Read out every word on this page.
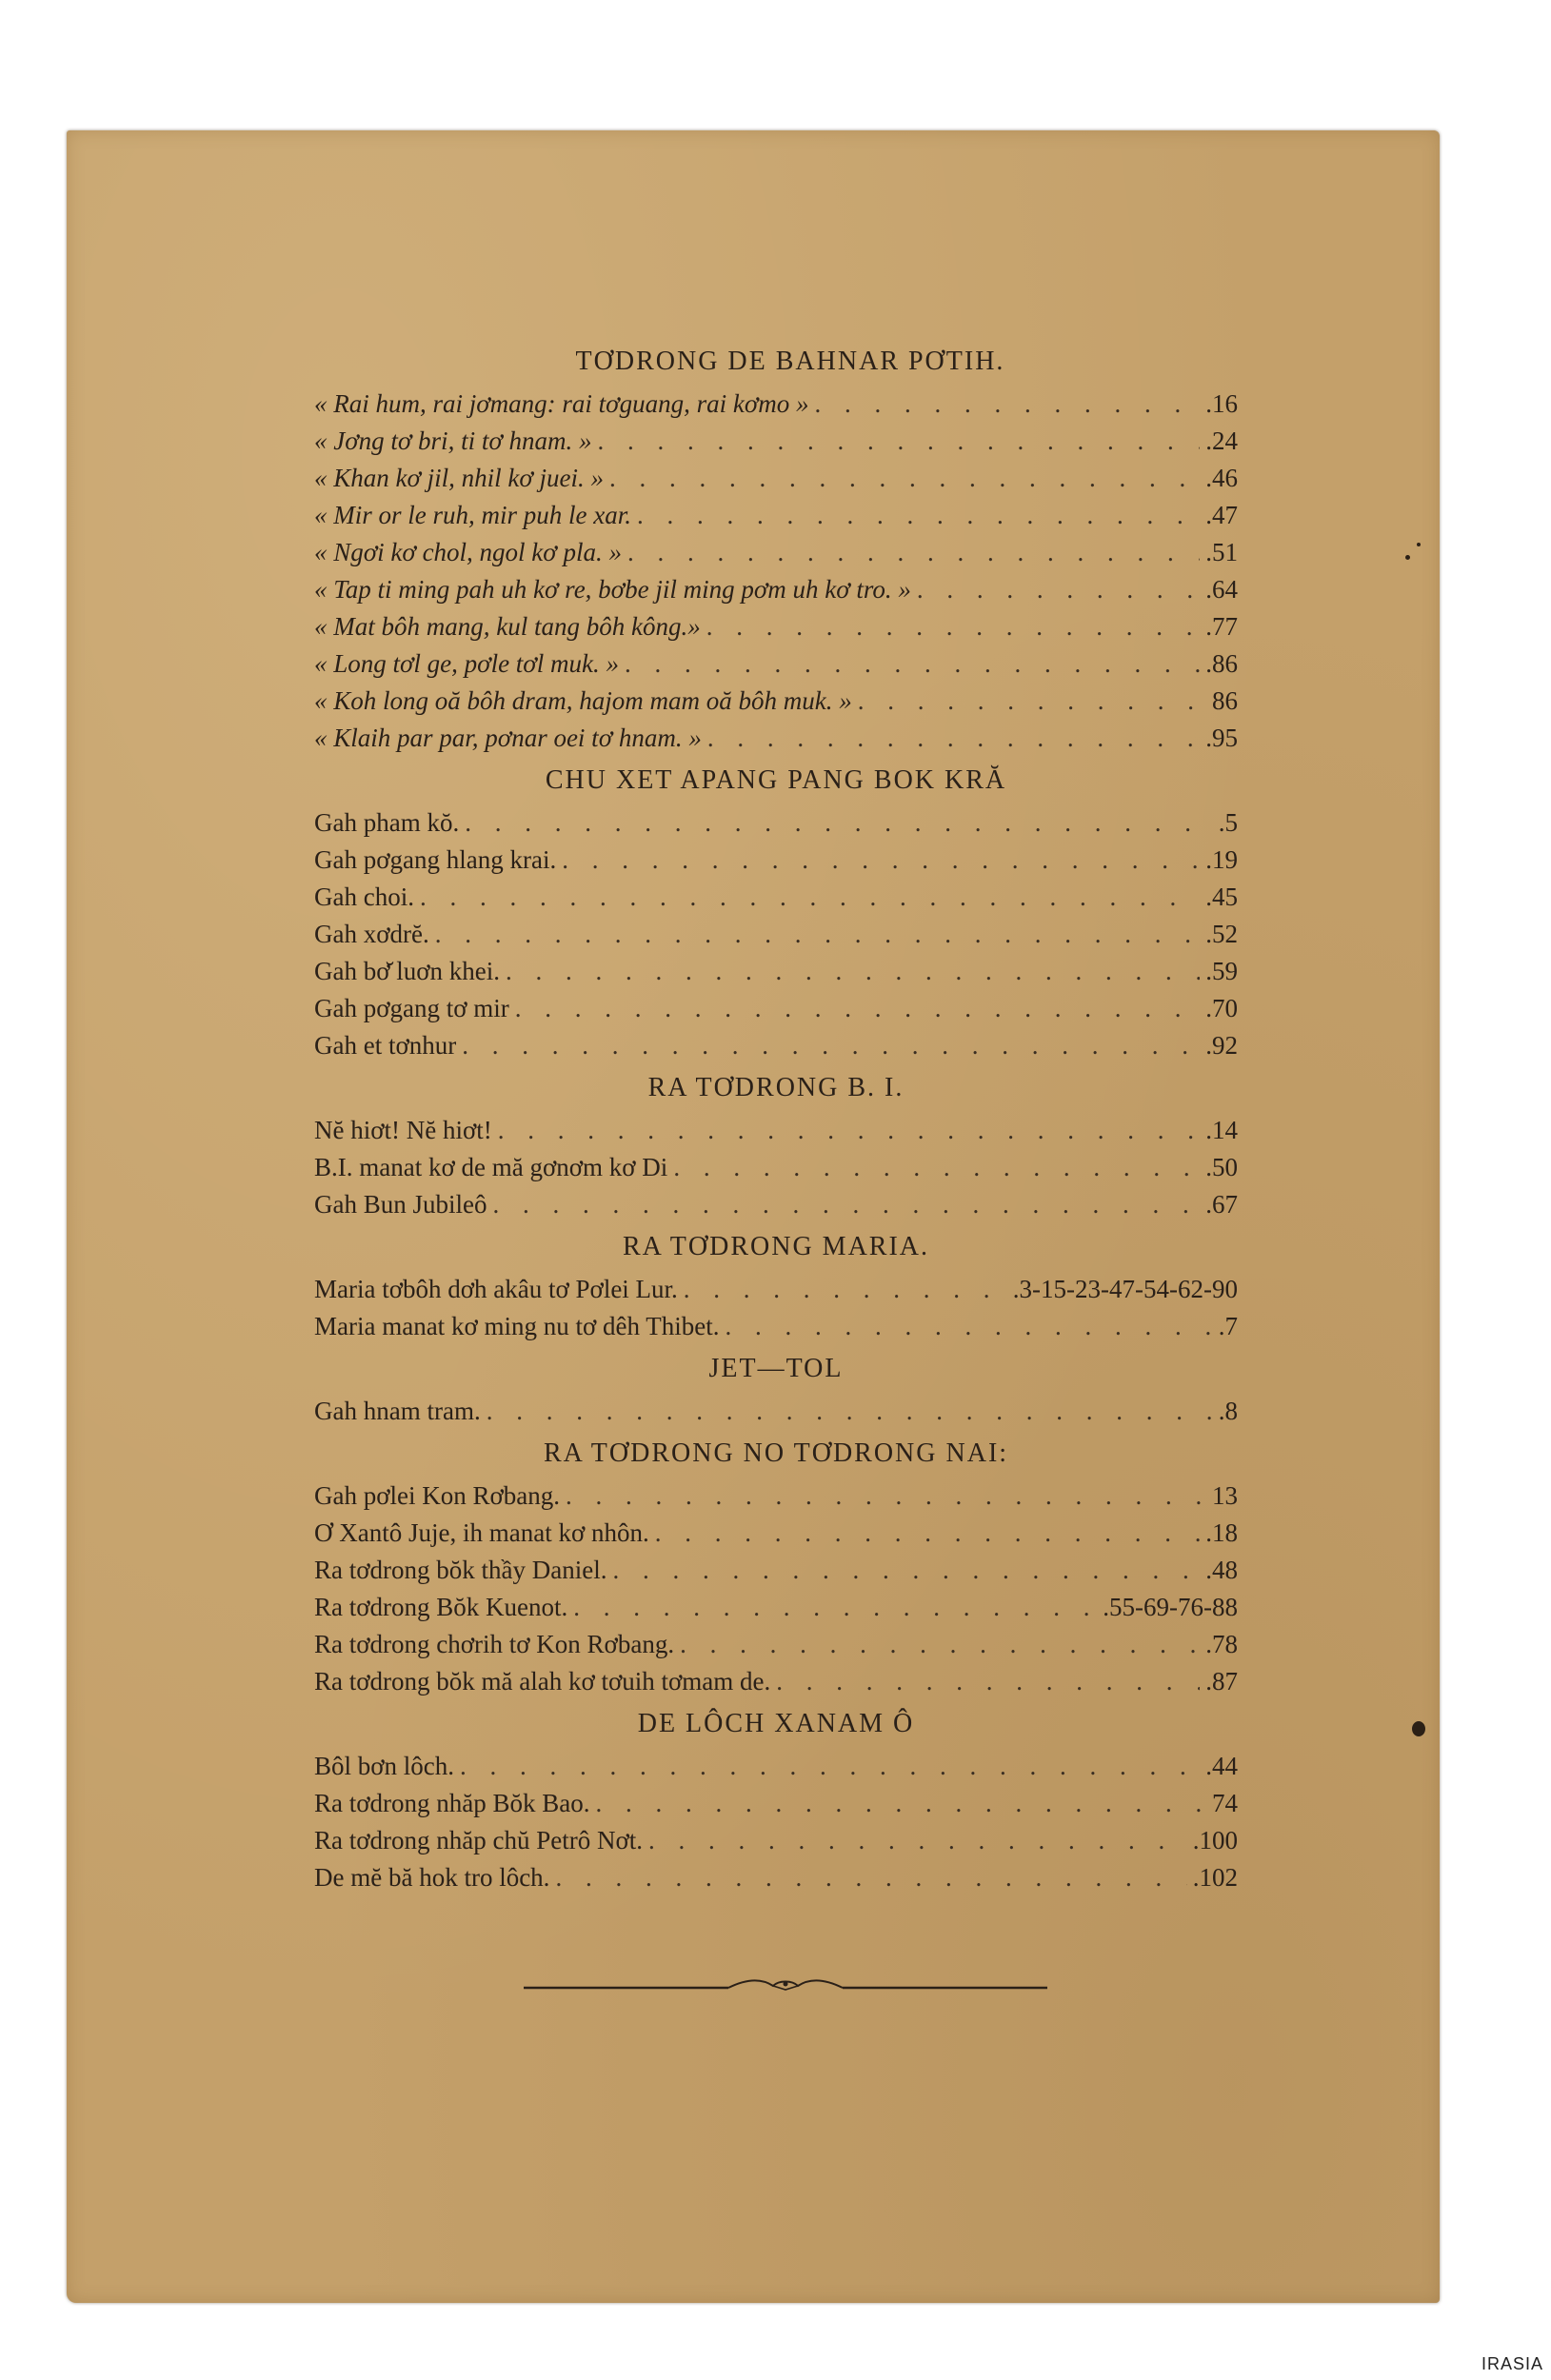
TƠDRONG DE BAHNAR PƠTIH.
« Rai hum, rai jơmang: rai tơguang, rai kơmo » . . .	.16
« Jơng tơ bri, ti tơ hnam. » . . .	.24
« Khan kơ jil, nhil kơ juei. » . . .	.46
« Mir or le ruh, mir puh le xar. . . .	.47
« Ngơi kơ chol, ngol kơ pla. » . . .	.51
« Tap ti ming pah uh kơ re, bơbe jil ming pơm uh kơ tro. » . . .	.64
« Mat bôh mang, kul tang bôh kông.» . . .	.77
« Long tơl ge, pơle tơl muk. » . . .	.86
« Koh long oă bôh dram, hajom mam oă bôh muk. » . . .	86
« Klaih par par, pơnar oei tơ hnam. » . . .	.95
CHU XET APANG PANG BOK KRĂ
Gah pham kŏ. . . .	.5
Gah pơgang hlang krai. . . .	.19
Gah choi. . . .	.45
Gah xơdrĕ. . . .	.52
Gah bơ̆ luơn khei. . . .	.59
Gah pơgang tơ mir . . .	.70
Gah et tơnhur . . .	.92
RA TƠDRONG B. I.
Nĕ hiơt! Nĕ hiơt! . . .	.14
B.I. manat kơ de mă gơnơm kơ Di . . .	.50
Gah Bun Jubileô . . .	.67
RA TƠDRONG MARIA.
Maria tơbôh dơh akâu tơ Pơlei Lur. . . .	.3-15-23-47-54-62-90
Maria manat kơ ming nu tơ dêh Thibet. . . .	.7
JET—TOL
Gah hnam tram. . . .	.8
RA TƠDRONG NO TƠDRONG NAI:
Gah pơlei Kon Rơbang. . . .	13
Ơ Xantô Juje, ih manat kơ nhôn. . . .	.18
Ra tơdrong bŏk thầy Daniel. . . .	.48
Ra tơdrong Bŏk Kuenot. . . .	.55-69-76-88
Ra tơdrong chơrih tơ Kon Rơbang. . . .	.78
Ra tơdrong bŏk mă alah kơ tơuih tơmam de. . . .	.87
DE LÔCH XANAM Ô
Bôl bơn lôch. . . .	.44
Ra tơdrong nhăp Bŏk Bao. . . .	74
Ra tơdrong nhăp chŭ Petrô Nơt. . . .	.100
De mĕ bă hok tro lôch. . . .	.102
IRASIA
